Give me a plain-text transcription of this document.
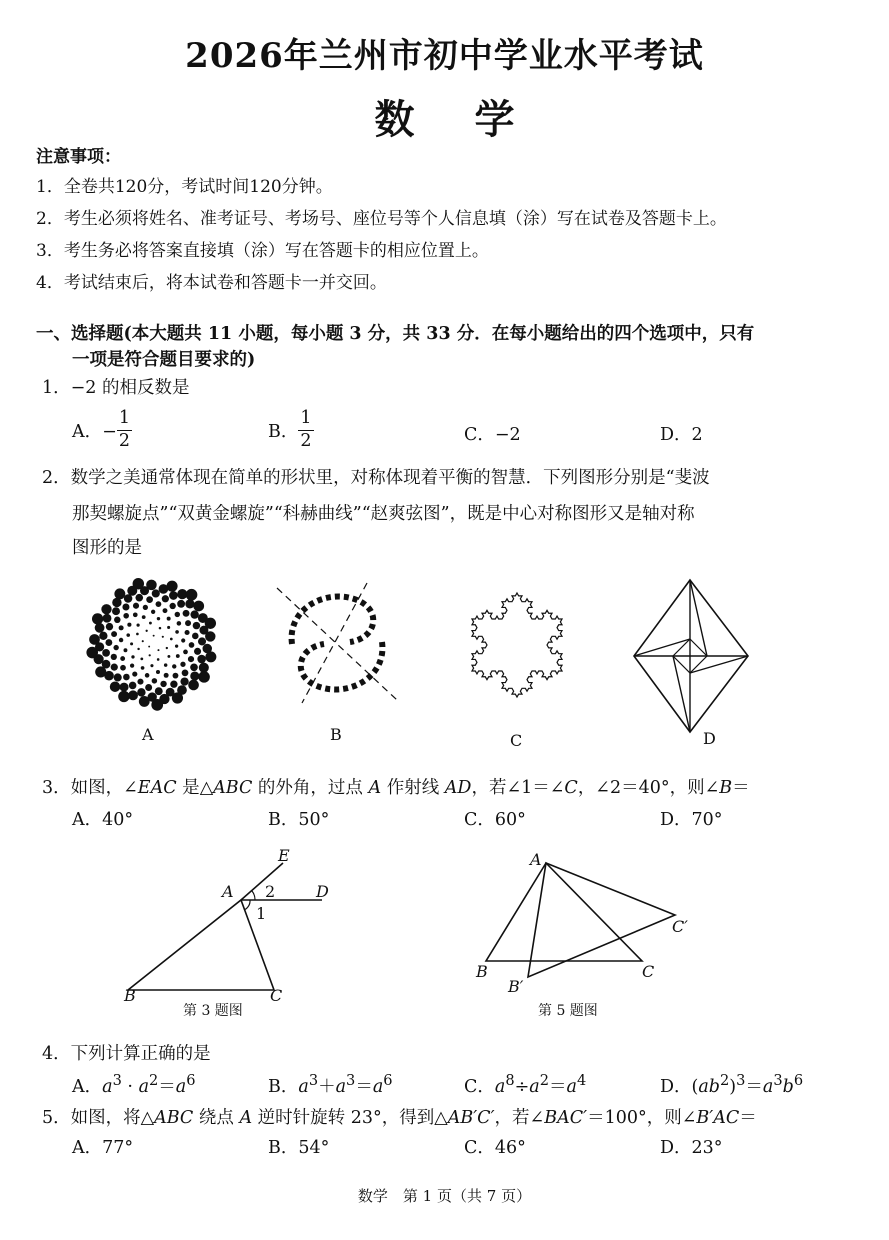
2026年兰州市初中学业水平考试
数学
注意事项：
1．全卷共120分，考试时间120分钟。
2．考生必须将姓名、准考证号、考场号、座位号等个人信息填（涂）写在试卷及答题卡上。
3．考生务必将答案直接填（涂）写在答题卡的相应位置上。
4．考试结束后，将本试卷和答题卡一并交回。
一、选择题(本大题共 11 小题，每小题 3 分，共 33 分．在每小题给出的四个选项中，只有
一项是符合题目要求的)
1．−2 的相反数是
A．− $\frac{1}{2}$	B． $\frac{1}{2}$	C．−2	D．2
2．数学之美通常体现在简单的形状里，对称体现着平衡的智慧．下列图形分别是“斐波
那契螺旋点”“双黄金螺旋”“科赫曲线”“赵爽弦图”，既是中心对称图形又是轴对称
图形的是
A	B	C	D
3．如图，∠EAC 是△ABC 的外角，过点 A 作射线 AD，若∠1＝∠C，∠2＝40°，则∠B＝
A．40°	B．50°	C．60°	D．70°
E
A 2	D
1
B	C
第 3 题图
A
C′
B	C
B′
第 5 题图
4．下列计算正确的是
A．$a^3 \cdot a^2=a^6$	B．$a^3+a^3=a^6$	C．$a^8\div a^2=a^4$	D．$(ab^2)^3=a^3b^6$
5．如图，将△ABC 绕点 A 逆时针旋转 23°，得到△AB′C′，若∠BAC′＝100°，则∠B′AC＝
A．77°	B．54°	C．46°	D．23°
数学　第 1 页（共 7 页）
